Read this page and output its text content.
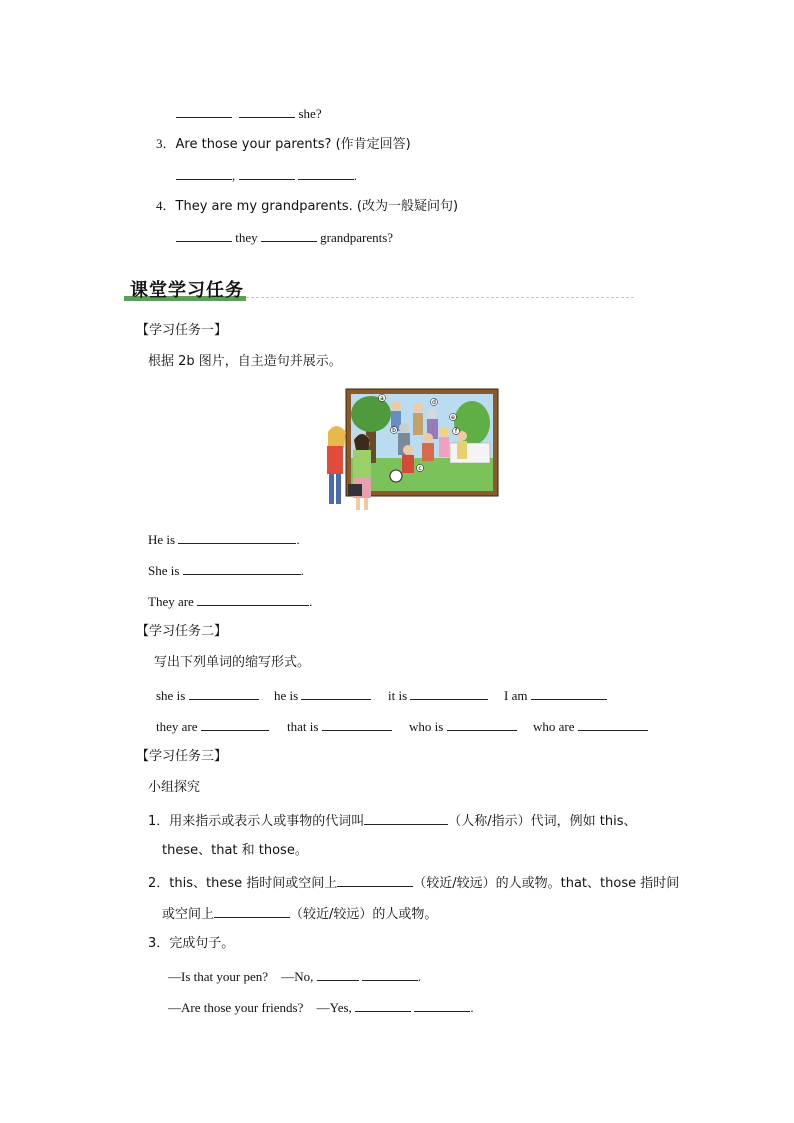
she?
3．Are those your parents? (作肯定回答)
,	.
4．They are my grandparents. (改为一般疑问句)
they	grandparents?
课堂学习任务
【学习任务一】
根据 2b 图片，自主造句并展示。
a
b
c
d
e
f
He is	.
She is	.
They are	.
【学习任务二】
写出下列单词的缩写形式。
she is	he is	it is	I am
they are	that is	who is	who are
【学习任务三】
小组探究
1．用来指示或表示人或事物的代词叫	（人称/指示）代词，例如 this、
these、that 和 those。
2．this、these 指时间或空间上	（较近/较远）的人或物。that、those 指时间
或空间上	（较近/较远）的人或物。
3．完成句子。
—Is that your pen? —No,	.
—Are those your friends? —Yes,	.
